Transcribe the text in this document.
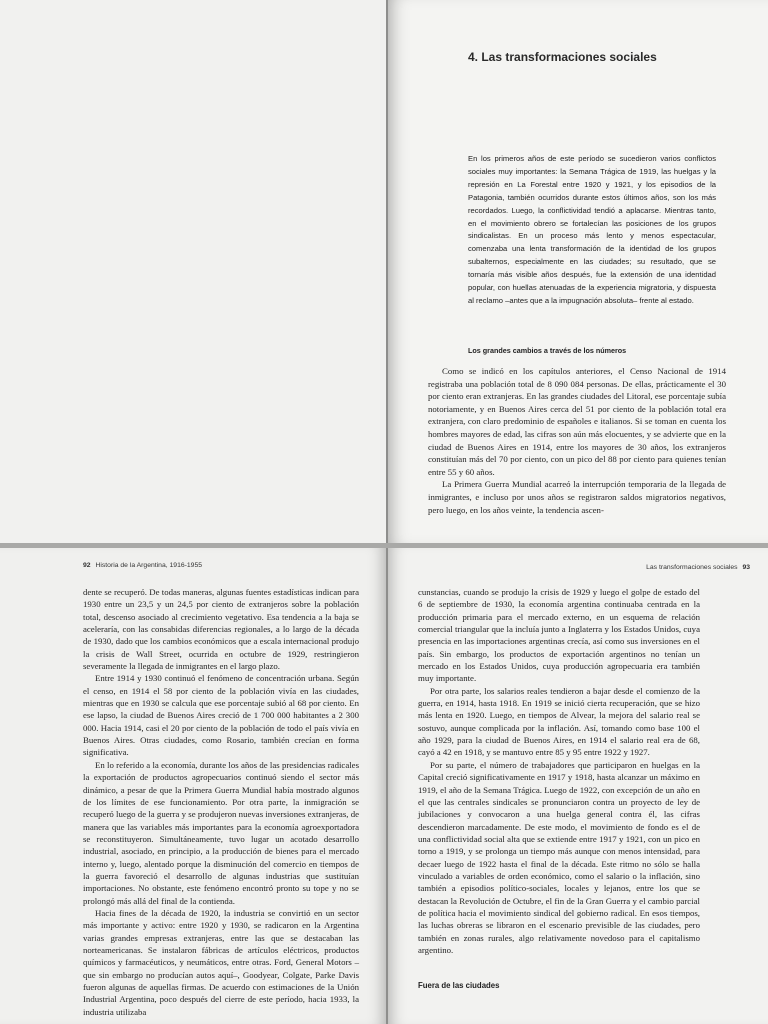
4. Las transformaciones sociales
En los primeros años de este período se sucedieron varios conflictos sociales muy importantes: la Semana Trágica de 1919, las huelgas y la represión en La Forestal entre 1920 y 1921, y los episodios de la Patagonia, también ocurridos durante estos últimos años, son los más recordados. Luego, la conflictividad tendió a aplacarse. Mientras tanto, en el movimiento obrero se fortalecían las posiciones de los grupos sindicalistas. En un proceso más lento y menos espectacular, comenzaba una lenta transformación de la identidad de los grupos subalternos, especialmente en las ciudades; su resultado, que se tornaría más visible años después, fue la extensión de una identidad popular, con huellas atenuadas de la experiencia migratoria, y dispuesta al reclamo –antes que a la impugnación absoluta– frente al estado.
Los grandes cambios a través de los números

Como se indicó en los capítulos anteriores, el Censo Nacional de 1914 registraba una población total de 8 090 084 personas. De ellas, prácticamente el 30 por ciento eran extranjeras. En las grandes ciudades del Litoral, ese porcentaje subía notoriamente, y en Buenos Aires cerca del 51 por ciento de la población total era extranjera, con claro predominio de españoles e italianos. Si se toman en cuenta los hombres mayores de edad, las cifras son aún más elocuentes, y se advierte que en la ciudad de Buenos Aires en 1914, entre los mayores de 30 años, los extranjeros constituían más del 70 por ciento, con un pico del 88 por ciento para quienes tenían entre 55 y 60 años.

La Primera Guerra Mundial acarreó la interrupción temporaria de la llegada de inmigrantes, e incluso por unos años se registraron saldos migratorios negativos, pero luego, en los años veinte, la tendencia ascen-

92 Historia de la Argentina, 1916-1955

dente se recuperó. De todas maneras, algunas fuentes estadísticas indican para 1930 entre un 23,5 y un 24,5 por ciento de extranjeros sobre la población total, descenso asociado al crecimiento vegetativo. Esa tendencia a la baja se aceleraría, con las consabidas diferencias regionales, a lo largo de la década de 1930, dado que los cambios económicos que a escala internacional produjo la crisis de Wall Street, ocurrida en octubre de 1929, restringieron severamente la llegada de inmigrantes en el largo plazo.

Entre 1914 y 1930 continuó el fenómeno de concentración urbana. Según el censo, en 1914 el 58 por ciento de la población vivía en las ciudades, mientras que en 1930 se calcula que ese porcentaje subió al 68 por ciento. En ese lapso, la ciudad de Buenos Aires creció de 1 700 000 habitantes a 2 300 000. Hacia 1914, casi el 20 por ciento de la población de todo el país vivía en Buenos Aires. Otras ciudades, como Rosario, también crecían en forma significativa.

En lo referido a la economía, durante los años de las presidencias radicales la exportación de productos agropecuarios continuó siendo el sector más dinámico, a pesar de que la Primera Guerra Mundial había mostrado algunos de los límites de ese funcionamiento. Por otra parte, la inmigración se recuperó luego de la guerra y se produjeron nuevas inversiones extranjeras, de manera que las variables más importantes para la economía agroexportadora se reconstituyeron. Simultáneamente, tuvo lugar un acotado desarrollo industrial, asociado, en principio, a la producción de bienes para el mercado interno y, luego, alentado porque la disminución del comercio en tiempos de la guerra favoreció el desarrollo de algunas industrias que sustituían importaciones. No obstante, este fenómeno encontró pronto su tope y no se prolongó más allá del final de la contienda.

Hacia fines de la década de 1920, la industria se convirtió en un sector más importante y activo: entre 1920 y 1930, se radicaron en la Argentina varias grandes empresas extranjeras, entre las que se destacaban las norteamericanas. Se instalaron fábricas de artículos eléctricos, productos químicos y farmacéuticos, y neumáticos, entre otras. Ford, General Motors –que sin embargo no producían autos aquí–, Goodyear, Colgate, Parke Davis fueron algunas de aquellas firmas. De acuerdo con estimaciones de la Unión Industrial Argentina, poco después del cierre de este período, hacia 1933, la industria utilizaba

Las transformaciones sociales 93

cunstancias, cuando se produjo la crisis de 1929 y luego el golpe de estado del 6 de septiembre de 1930, la economía argentina continuaba centrada en la producción primaria para el mercado externo, en un esquema de relación comercial triangular que la incluía junto a Inglaterra y los Estados Unidos, cuya presencia en las importaciones argentinas crecía, así como sus inversiones en el país. Sin embargo, los productos de exportación argentinos no tenían un mercado en los Estados Unidos, cuya producción agropecuaria era también muy importante.

Por otra parte, los salarios reales tendieron a bajar desde el comienzo de la guerra, en 1914, hasta 1918. En 1919 se inició cierta recuperación, que se hizo más lenta en 1920. Luego, en tiempos de Alvear, la mejora del salario real se sostuvo, aunque complicada por la inflación. Así, tomando como base 100 el año 1929, para la ciudad de Buenos Aires, en 1914 el salario real era de 68, cayó a 42 en 1918, y se mantuvo entre 85 y 95 entre 1922 y 1927.

Por su parte, el número de trabajadores que participaron en huelgas en la Capital creció significativamente en 1917 y 1918, hasta alcanzar un máximo en 1919, el año de la Semana Trágica. Luego de 1922, con excepción de un año en el que las centrales sindicales se pronunciaron contra un proyecto de ley de jubilaciones y convocaron a una huelga general contra él, las cifras descendieron marcadamente. De este modo, el movimiento de fondo es el de una conflictividad social alta que se extiende entre 1917 y 1921, con un pico en torno a 1919, y se prolonga un tiempo más aunque con menos intensidad, para decaer luego de 1922 hasta el final de la década. Este ritmo no sólo se halla vinculado a variables de orden económico, como el salario o la inflación, sino también a episodios político-sociales, locales y lejanos, entre los que se destacan la Revolución de Octubre, el fin de la Gran Guerra y el cambio parcial de política hacia el movimiento sindical del gobierno radical. En esos tiempos, las luchas obreras se libraron en el escenario previsible de las ciudades, pero también en zonas rurales, algo relativamente novedoso para el capitalismo argentino.

Fuera de las ciudades
